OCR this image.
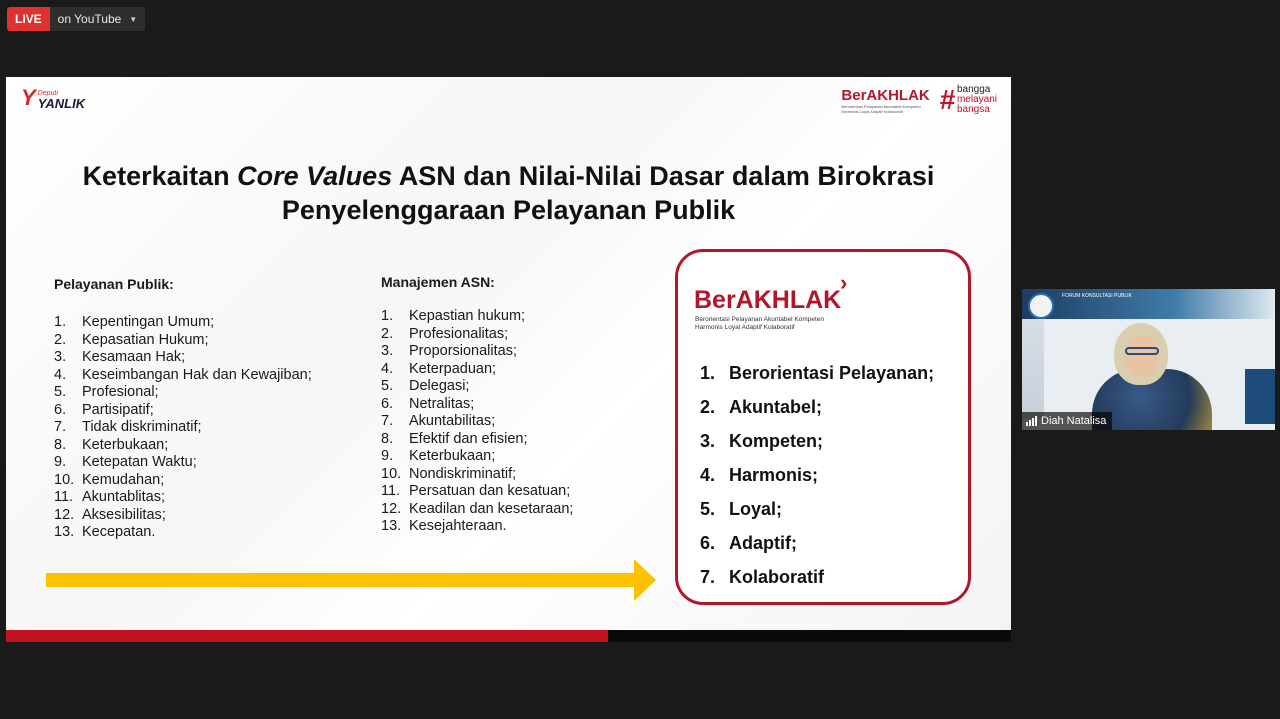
LIVE	on YouTube ▼
Y Deputi
YANLIK	BerAKHLAK
Berorientasi Pelayanan Akuntabel Kompeten Harmonis Loyal Adaptif Kolaboratif	# bangga
melayani
bangsa
Keterkaitan Core Values ASN dan Nilai-Nilai Dasar dalam Birokrasi
Penyelenggaraan Pelayanan Publik
Pelayanan Publik:
1.	Kepentingan Umum;
2.	Kepasatian Hukum;
3.	Kesamaan Hak;
4.	Keseimbangan Hak dan Kewajiban;
5.	Profesional;
6.	Partisipatif;
7.	Tidak diskriminatif;
8.	Keterbukaan;
9.	Ketepatan Waktu;
10. Kemudahan;
11. Akuntablitas;
12. Aksesibilitas;
13. Kecepatan.
Manajemen ASN:
1.	Kepastian hukum;
2.	Profesionalitas;
3.	Proporsionalitas;
4.	Keterpaduan;
5.	Delegasi;
6.	Netralitas;
7.	Akuntabilitas;
8.	Efektif dan efisien;
9.	Keterbukaan;
10. Nondiskriminatif;
11. Persatuan dan kesatuan;
12. Keadilan dan kesetaraan;
13. Kesejahteraan.
BerAKHLAK
›
Berorientasi Pelayanan Akuntabel Kompeten
Harmonis Loyal Adaptif Kolaboratif
1. Berorientasi Pelayanan;
2. Akuntabel;
3. Kompeten;
4. Harmonis;
5. Loyal;
6. Adaptif;
7. Kolaboratif
FORUM KONSULTASI PUBLIK
Diah Natalisa
